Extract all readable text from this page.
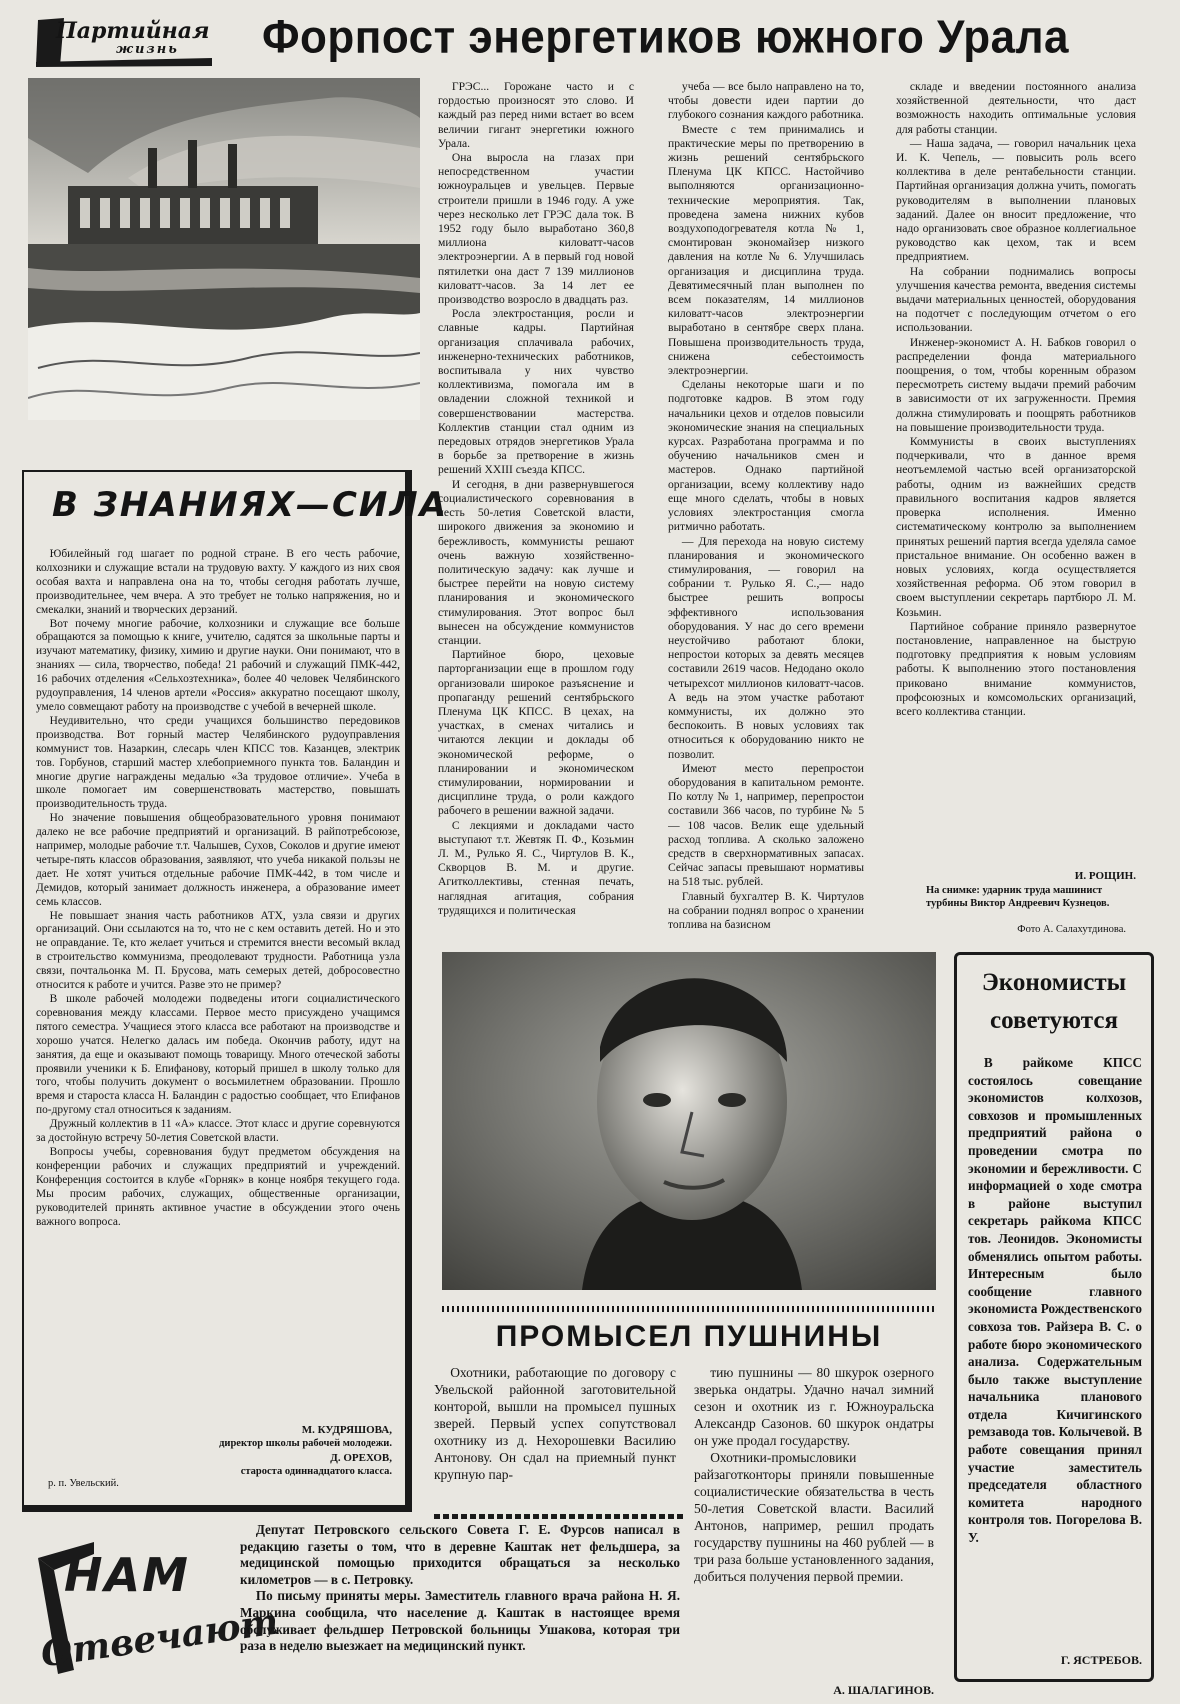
Партийная
жизнь Форпост энергетиков южного Урала

ГРЭС... Горожане часто и с гордостью произносят это слово. И каждый раз перед ними встает во всем величии гигант энергетики южного Урала.

Она выросла на глазах при непосредственном участии южноуральцев и увельцев. Первые строители пришли в 1946 году. А уже через несколько лет ГРЭС дала ток. В 1952 году было выработано 360,8 миллиона киловатт-часов электроэнергии. А в первый год новой пятилетки она даст 7 139 миллионов киловатт-часов. За 14 лет ее производство возросло в двадцать раз.

Росла электростанция, росли и славные кадры. Партийная организация сплачивала рабочих, инженерно-технических работников, воспитывала у них чувство коллективизма, помогала им в овладении сложной техникой и совершенствовании мастерства. Коллектив станции стал одним из передовых отрядов энергетиков Урала в борьбе за претворение в жизнь решений XXIII съезда КПСС.

И сегодня, в дни развернувшегося социалистического соревнования в честь 50-летия Советской власти, широкого движения за экономию и бережливость, коммунисты решают очень важную хозяйственно-политическую задачу: как лучше и быстрее перейти на новую систему планирования и экономического стимулирования. Этот вопрос был вынесен на обсуждение коммунистов станции.

Партийное бюро, цеховые парторганизации еще в прошлом году организовали широкое разъяснение и пропаганду решений сентябрьского Пленума ЦК КПСС. В цехах, на участках, в сменах читались и читаются лекции и доклады об экономической реформе, о планировании и экономическом стимулировании, нормировании и дисциплине труда, о роли каждого рабочего в решении важной задачи.

С лекциями и докладами часто выступают т.т. Жевтяк П. Ф., Козьмин Л. М., Рулько Я. С., Чиртулов В. К., Скворцов В. М. и другие. Агитколлективы, стенная печать, наглядная агитация, собрания трудящихся и политическая

учеба — все было направлено на то, чтобы довести идеи партии до глубокого сознания каждого работника.

Вместе с тем принимались и практические меры по претворению в жизнь решений сентябрьского Пленума ЦК КПСС. Настойчиво выполняются организационно-технические мероприятия. Так, проведена замена нижних кубов воздухоподогревателя котла № 1, смонтирован экономайзер низкого давления на котле № 6. Улучшилась организация и дисциплина труда. Девятимесячный план выполнен по всем показателям, 14 миллионов киловатт-часов электроэнергии выработано в сентябре сверх плана. Повышена производительность труда, снижена себестоимость электроэнергии.

Сделаны некоторые шаги и по подготовке кадров. В этом году начальники цехов и отделов повысили экономические знания на специальных курсах. Разработана программа и по обучению начальников смен и мастеров. Однако партийной организации, всему коллективу надо еще много сделать, чтобы в новых условиях электростанция смогла ритмично работать.

— Для перехода на новую систему планирования и экономического стимулирования, — говорил на собрании т. Рулько Я. С.,— надо быстрее решить вопросы эффективного использования оборудования. У нас до сего времени неустойчиво работают блоки, непростои которых за девять месяцев составили 2619 часов. Недодано около четырехсот миллионов киловатт-часов. А ведь на этом участке работают коммунисты, их должно это беспокоить. В новых условиях так относиться к оборудованию никто не позволит.

Имеют место перепростои оборудования в капитальном ремонте. По котлу № 1, например, перепростои составили 366 часов, по турбине № 5 — 108 часов. Велик еще удельный расход топлива. А сколько заложено средств в сверхнормативных запасах. Сейчас запасы превышают нормативы на 518 тыс. рублей.

Главный бухгалтер В. К. Чиртулов на собрании поднял вопрос о хранении топлива на базисном

складе и введении постоянного анализа хозяйственной деятельности, что даст возможность находить оптимальные условия для работы станции.

— Наша задача, — говорил начальник цеха И. К. Чепель, — повысить роль всего коллектива в деле рентабельности станции. Партийная организация должна учить, помогать руководителям в выполнении плановых заданий. Далее он вносит предложение, что надо организовать свое образное коллегиальное руководство как цехом, так и всем предприятием.

На собрании поднимались вопросы улучшения качества ремонта, введения системы выдачи материальных ценностей, оборудования на подотчет с последующим отчетом о его использовании.

Инженер-экономист А. Н. Бабков говорил о распределении фонда материального поощрения, о том, чтобы коренным образом пересмотреть систему выдачи премий рабочим в зависимости от их загруженности. Премия должна стимулировать и поощрять работников на повышение производительности труда.

Коммунисты в своих выступлениях подчеркивали, что в данное время неотъемлемой частью всей организаторской работы, одним из важнейших средств правильного воспитания кадров является проверка исполнения. Именно систематическому контролю за выполнением принятых решений партия всегда уделяла самое пристальное внимание. Он особенно важен в новых условиях, когда осуществляется хозяйственная реформа. Об этом говорил в своем выступлении секретарь партбюро Л. М. Козьмин.

Партийное собрание приняло развернутое постановление, направленное на быструю подготовку предприятия к новым условиям работы. К выполнению этого постановления приковано внимание коммунистов, профсоюзных и комсомольских организаций, всего коллектива станции.

И. РОЩИН.
На снимке: ударник труда машинист турбины Виктор Андреевич Кузнецов.
Фото А. Салахутдинова.
В ЗНАНИЯХ—СИЛА

Юбилейный год шагает по родной стране. В его честь рабочие, колхозники и служащие встали на трудовую вахту. У каждого из них своя особая вахта и направлена она на то, чтобы сегодня работать лучше, производительнее, чем вчера. А это требует не только напряжения, но и смекалки, знаний и творческих дерзаний.

Вот почему многие рабочие, колхозники и служащие все больше обращаются за помощью к книге, учителю, садятся за школьные парты и изучают математику, физику, химию и другие науки. Они понимают, что в знаниях — сила, творчество, победа! 21 рабочий и служащий ПМК-442, 16 рабочих отделения «Сельхозтехника», более 40 человек Челябинского рудоуправления, 14 членов артели «Россия» аккуратно посещают школу, умело совмещают работу на производстве с учебой в вечерней школе.

Неудивительно, что среди учащихся большинство передовиков производства. Вот горный мастер Челябинского рудоуправления коммунист тов. Назаркин, слесарь член КПСС тов. Казанцев, электрик тов. Горбунов, старший мастер хлебоприемного пункта тов. Баландин и многие другие награждены медалью «За трудовое отличие». Учеба в школе помогает им совершенствовать мастерство, повышать производительность труда.

Но значение повышения общеобразовательного уровня понимают далеко не все рабочие предприятий и организаций. В райпотребсоюзе, например, молодые рабочие т.т. Чалышев, Сухов, Соколов и другие имеют четыре-пять классов образования, заявляют, что учеба никакой пользы не дает. Не хотят учиться отдельные рабочие ПМК-442, в том числе и Демидов, который занимает должность инженера, а образование имеет семь классов.

Не повышает знания часть работников АТХ, узла связи и других организаций. Они ссылаются на то, что не с кем оставить детей. Но и это не оправдание. Те, кто желает учиться и стремится внести весомый вклад в строительство коммунизма, преодолевают трудности. Работница узла связи, почтальонка М. П. Брусова, мать семерых детей, добросовестно относится к работе и учится. Разве это не пример?

В школе рабочей молодежи подведены итоги социалистического соревнования между классами. Первое место присуждено учащимся пятого семестра. Учащиеся этого класса все работают на производстве и хорошо учатся. Нелегко далась им победа. Окончив работу, идут на занятия, да еще и оказывают помощь товарищу. Много отеческой заботы проявили ученики к Б. Епифанову, который пришел в школу только для того, чтобы получить документ о восьмилетнем образовании. Прошло время и староста класса Н. Баландин с радостью сообщает, что Епифанов по-другому стал относиться к заданиям.

Дружный коллектив в 11 «А» классе. Этот класс и другие соревнуются за достойную встречу 50-летия Советской власти.

Вопросы учебы, соревнования будут предметом обсуждения на конференции рабочих и служащих предприятий и учреждений. Конференция состоится в клубе «Горняк» в конце ноября текущего года. Мы просим рабочих, служащих, общественные организации, руководителей принять активное участие в обсуждении этого очень важного вопроса.

М. КУДРЯШОВА,
директор школы рабочей молодежи.
Д. ОРЕХОВ,
староста одиннадцатого класса.
р. п. Увельский.
ПРОМЫСЕЛ ПУШНИНЫ

Охотники, работающие по договору с Увельской районной заготовительной конторой, вышли на промысел пушных зверей. Первый успех сопутствовал охотнику из д. Нехорошевки Василию Антонову. Он сдал на приемный пункт крупную пар-

тию пушнины — 80 шкурок озерного зверька ондатры. Удачно начал зимний сезон и охотник из г. Южноуральска Александр Сазонов. 60 шкурок ондатры он уже продал государству.

Охотники-промысловики райзаготконторы приняли повышенные социалистические обязательства в честь 50-летия Советской власти. Василий Антонов, например, решил продать государству пушнины на 460 рублей — в три раза больше установленного задания, добиться получения первой премии.

А. ШАЛАГИНОВ.
Экономисты
советуются

В райкоме КПСС состоялось совещание экономистов колхозов, совхозов и промышленных предприятий района о проведении смотра по экономии и бережливости. С информацией о ходе смотра в районе выступил секретарь райкома КПСС тов. Леонидов. Экономисты обменялись опытом работы. Интересным было сообщение главного экономиста Рождественского совхоза тов. Райзера В. С. о работе бюро экономического анализа. Содержательным было также выступление начальника планового отдела Кичигинского ремзавода тов. Колычевой. В работе совещания принял участие заместитель председателя областного комитета народного контроля тов. Погорелова В. У.

Г. ЯСТРЕБОВ.
НАМ
Отвечают

Депутат Петровского сельского Совета Г. Е. Фурсов написал в редакцию газеты о том, что в деревне Каштак нет фельдшера, за медицинской помощью приходится обращаться за несколько километров — в с. Петровку.

По письму приняты меры. Заместитель главного врача района Н. Я. Маркина сообщила, что население д. Каштак в настоящее время обслуживает фельдшер Петровской больницы Ушакова, которая три раза в неделю выезжает на медицинский пункт.
